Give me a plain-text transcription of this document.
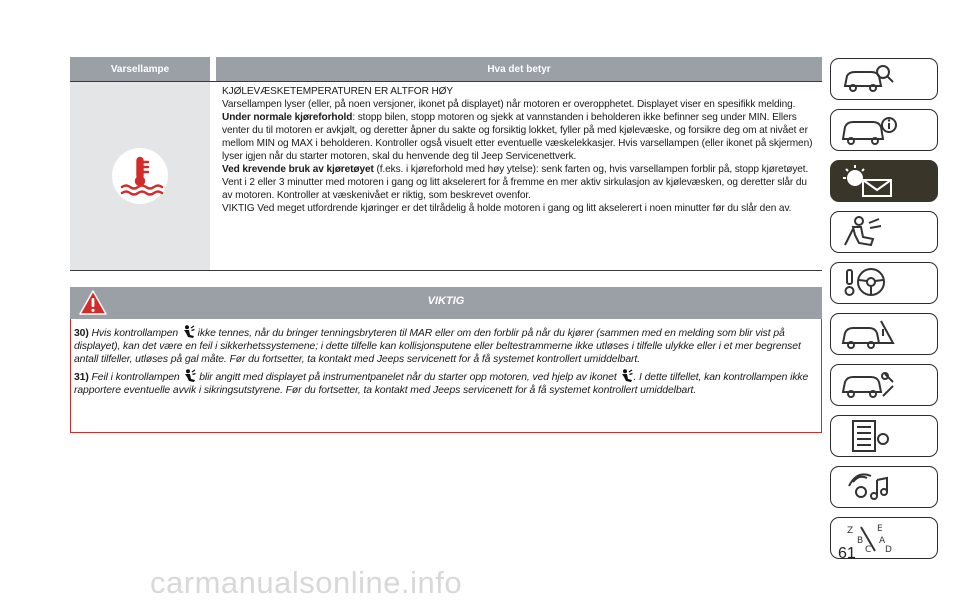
Varsellampe	Hva det betyr

KJØLEVÆSKETEMPERATUREN ER ALTFOR HØY

Varsellampen lyser (eller, på noen versjoner, ikonet på displayet) når motoren er overopphetet. Displayet viser en spesifikk melding.

Under normale kjøreforhold: stopp bilen, stopp motoren og sjekk at vannstanden i beholderen ikke befinner seg under MIN. Ellers venter du til motoren er avkjølt, og deretter åpner du sakte og forsiktig lokket, fyller på med kjølevæske, og forsikre deg om at nivået er mellom MIN og MAX i beholderen. Kontroller også visuelt etter eventuelle væskelekkasjer. Hvis varsellampen (eller ikonet på skjermen) lyser igjen når du starter motoren, skal du henvende deg til Jeep Servicenettverk.

Ved krevende bruk av kjøretøyet (f.eks. i kjøreforhold med høy ytelse): senk farten og, hvis varsellampen forblir på, stopp kjøretøyet. Vent i 2 eller 3 minutter med motoren i gang og litt akselerert for å fremme en mer aktiv sirkulasjon av kjølevæsken, og deretter slår du av motoren. Kontroller at væskenivået er riktig, som beskrevet ovenfor.

VIKTIG Ved meget utfordrende kjøringer er det tilrådelig å holde motoren i gang og litt akselerert i noen minutter før du slår den av.

VIKTIG

30) Hvis kontrollampen ikke tennes, når du bringer tenningsbryteren til MAR eller om den forblir på når du kjører (sammen med en melding som blir vist på displayet), kan det være en feil i sikkerhetssystemene; i dette tilfelle kan kollisjonsputene eller beltestrammerne ikke utløses i tilfelle ulykke eller i et mer begrenset antall tilfeller, utløses på gal måte. Før du fortsetter, ta kontakt med Jeeps servicenett for å få systemet kontrollert umiddelbart.

31) Feil i kontrollampen blir angitt med displayet på instrumentpanelet når du starter opp motoren, ved hjelp av ikonet . I dette tilfellet, kan kontrollampen ikke rapportere eventuelle avvik i sikringsutstyrene. Før du fortsetter, ta kontakt med Jeeps servicenett for å få systemet kontrollert umiddelbart.

Z	E
B A
C D
61
carmanualsonline.info
